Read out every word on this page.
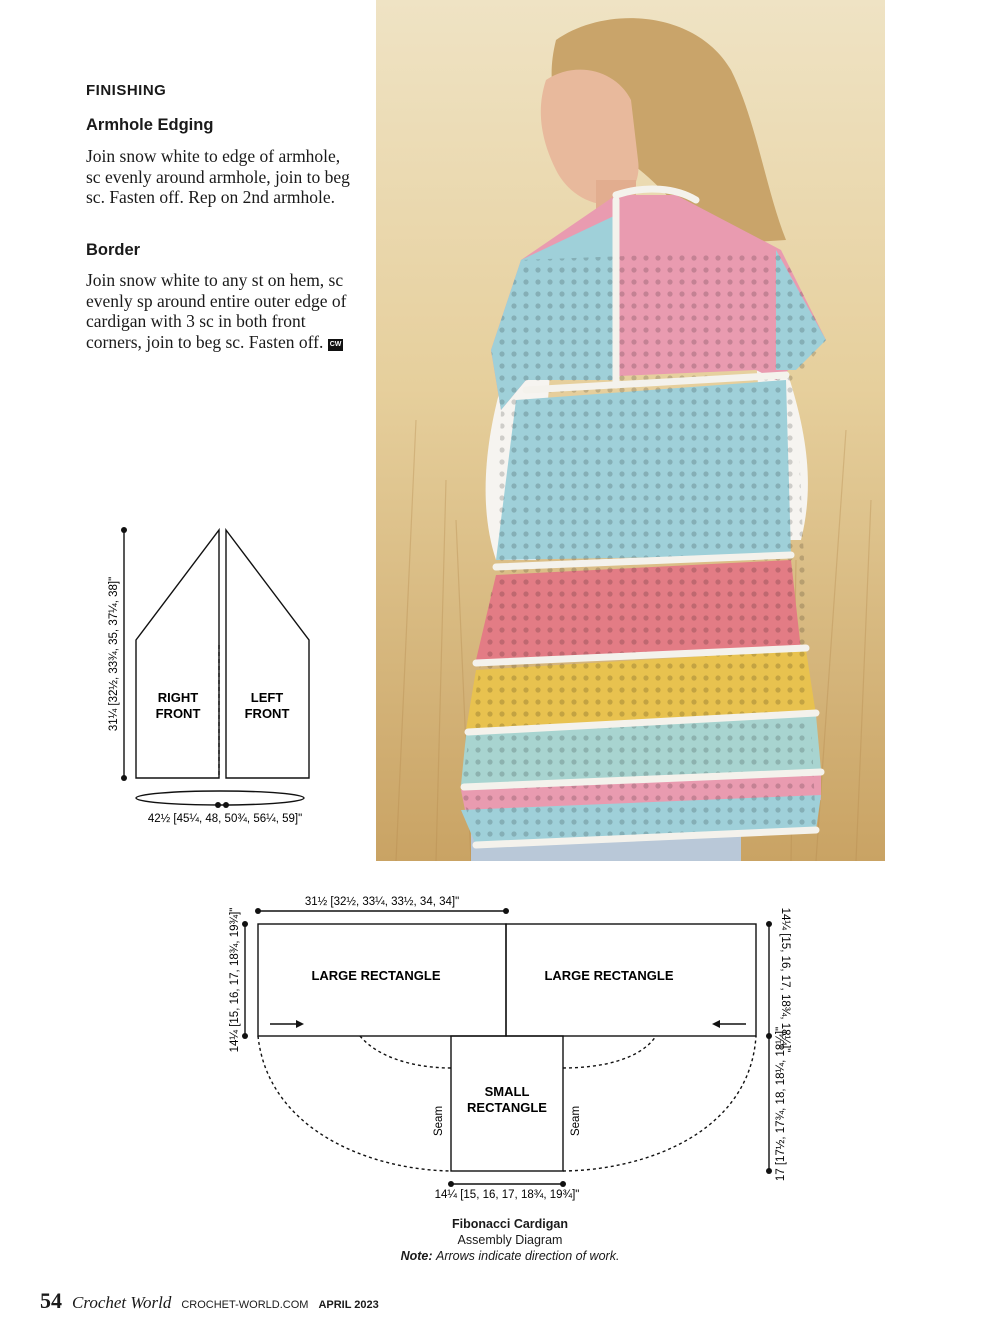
FINISHING
Armhole Edging
Join snow white to edge of armhole, sc evenly around armhole, join to beg sc. Fasten off. Rep on 2nd armhole.
Border
Join snow white to any st on hem, sc evenly sp around entire outer edge of cardigan with 3 sc in both front corners, join to beg sc. Fasten off. CW
RIGHT
FRONT
LEFT
FRONT
31¼ [32½, 33¾, 35, 37¼, 38]"
42½ [45¼, 48, 50¾, 56¼, 59]"
LARGE RECTANGLE	LARGE RECTANGLE
SMALL
RECTANGLE
Seam	Seam
31½ [32½, 33¼, 33½, 34, 34]"
14¼ [15, 16, 17, 18¾, 19¾]"
14¼ [15, 16, 17, 18¾, 19¾]"	14¼ [15, 16, 17, 18¾, 18¼]"
17 [17½, 17¾, 18, 18¼, 18¼]"
Fibonacci Cardigan
Assembly Diagram
Note: Arrows indicate direction of work.
54 Crochet World CROCHET-WORLD.COM APRIL 2023
